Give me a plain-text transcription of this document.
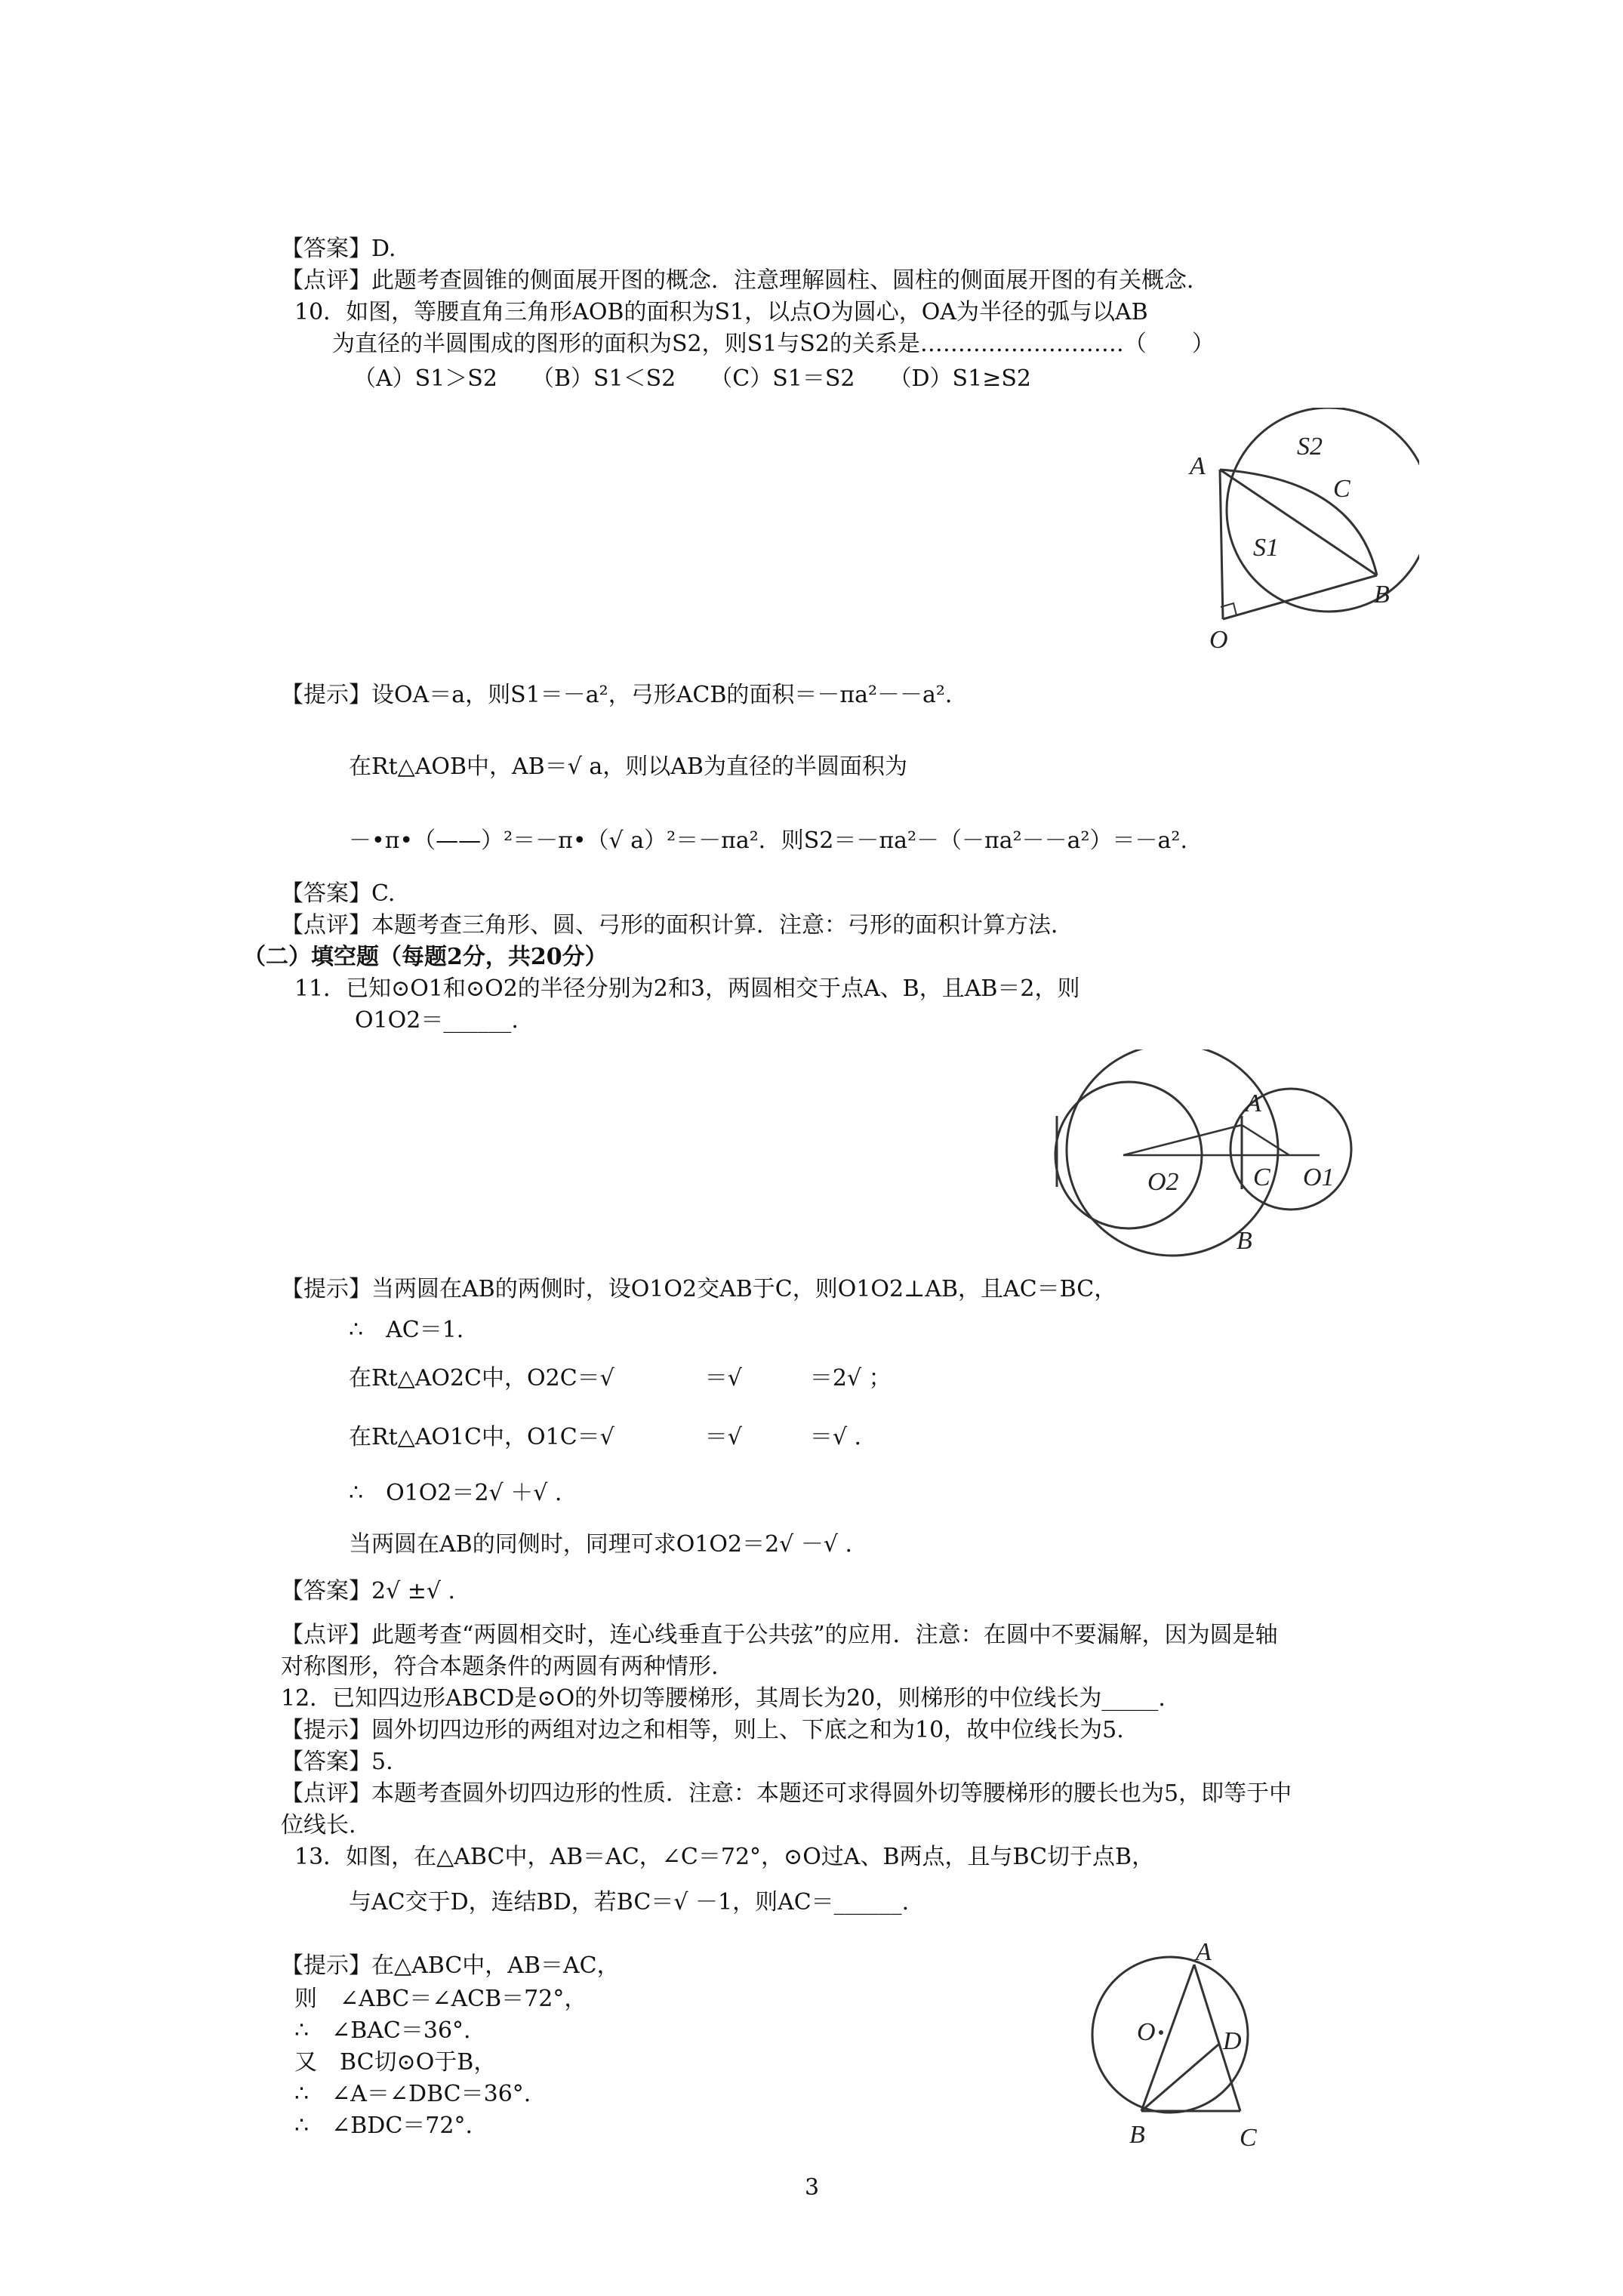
【答案】D.
【点评】此题考查圆锥的侧面展开图的概念．注意理解圆柱、圆柱的侧面展开图的有关概念．
10．如图，等腰直角三角形AOB的面积为S1，以点O为圆心，OA为半径的弧与以AB
为直径的半圆围成的图形的面积为S2，则S1与S2的关系是………………………（　　）
（A）S1＞S2　　（B）S1＜S2　　（C）S1＝S2　　（D）S1≥S2
【提示】设OA＝a，则S1＝－a²，弓形ACB的面积＝－πa²－－a².
在Rt△AOB中，AB＝√ a，则以AB为直径的半圆面积为
－•π•（——）²＝－π•（√ a）²＝－πa²．则S2＝－πa²－（－πa²－－a²）＝－a².
【答案】C.
【点评】本题考查三角形、圆、弓形的面积计算．注意：弓形的面积计算方法．
（二）填空题（每题2分，共20分）
11．已知⊙O1和⊙O2的半径分别为2和3，两圆相交于点A、B，且AB＝2，则
O1O2＝______.
【提示】当两圆在AB的两侧时，设O1O2交AB于C，则O1O2⊥AB，且AC＝BC，
∴　AC＝1.
在Rt△AO2C中，O2C＝√　　　　＝√　　　＝2√ ；
在Rt△AO1C中，O1C＝√　　　　＝√　　　＝√ .
∴　O1O2＝2√ ＋√ .
当两圆在AB的同侧时，同理可求O1O2＝2√ －√ .
【答案】2√ ±√ .
【点评】此题考查“两圆相交时，连心线垂直于公共弦”的应用．注意：在圆中不要漏解，因为圆是轴
对称图形，符合本题条件的两圆有两种情形.
12．已知四边形ABCD是⊙O的外切等腰梯形，其周长为20，则梯形的中位线长为_____.
【提示】圆外切四边形的两组对边之和相等，则上、下底之和为10，故中位线长为5.
【答案】5.
【点评】本题考查圆外切四边形的性质．注意：本题还可求得圆外切等腰梯形的腰长也为5，即等于中
位线长.
13．如图，在△ABC中，AB＝AC，∠C＝72°，⊙O过A、B两点，且与BC切于点B，
与AC交于D，连结BD，若BC＝√ －1，则AC＝______.
【提示】在△ABC中，AB＝AC，
则　∠ABC＝∠ACB＝72°，
∴　∠BAC＝36°.
又　BC切⊙O于B，
∴　∠A＝∠DBC＝36°.
∴　∠BDC＝72°.
A
S2
C
S1
B
O
A
O2	C O1
B
A
O	D
B	C
3
